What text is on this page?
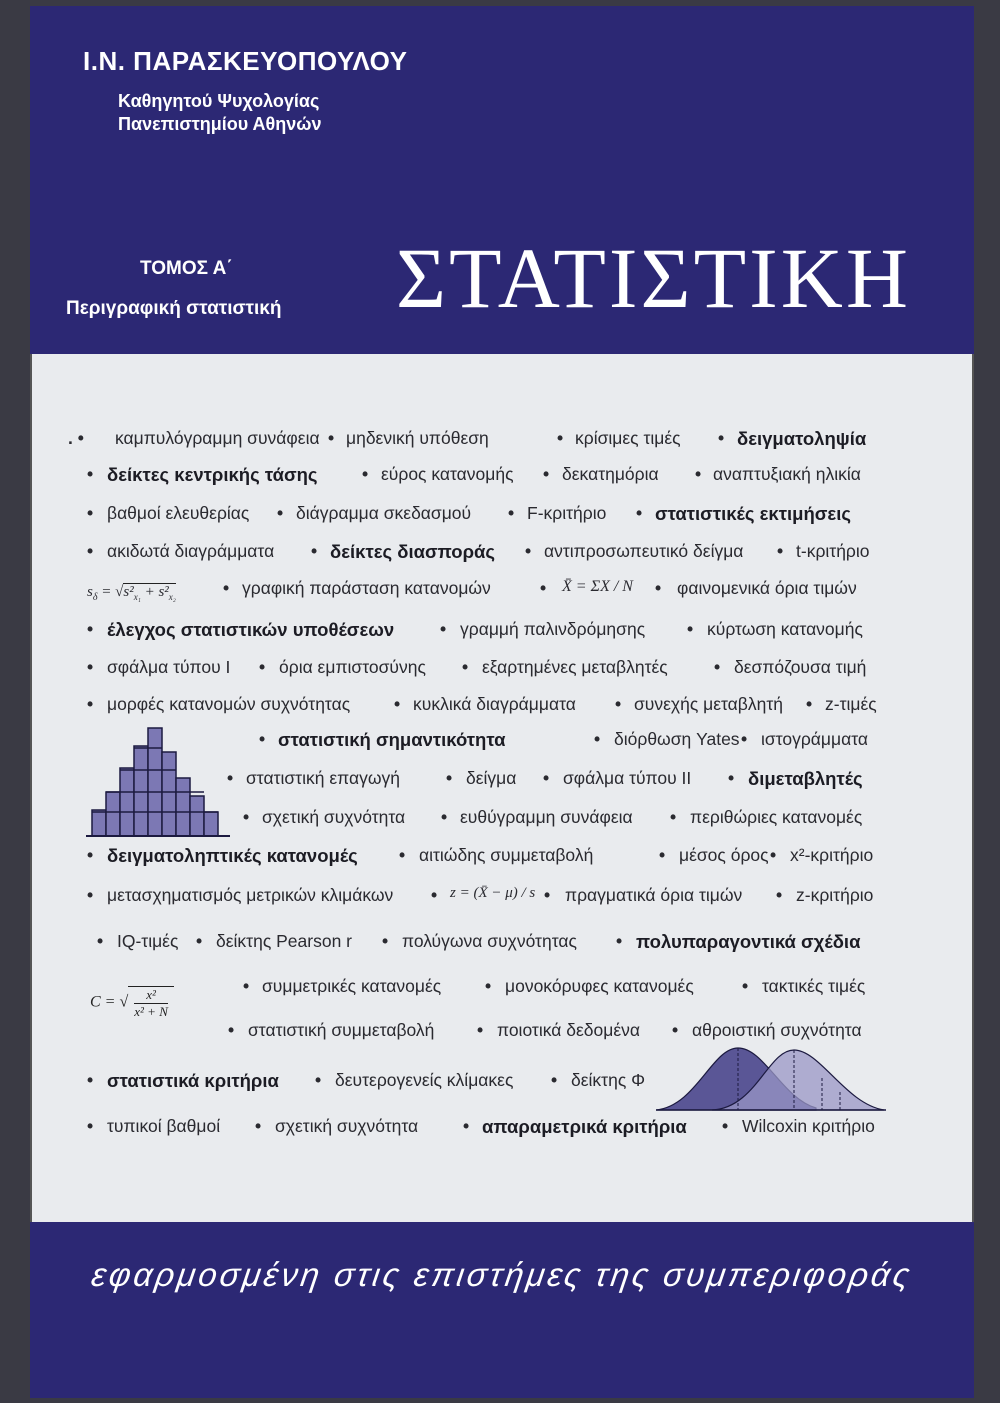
Ι.Ν. ΠΑΡΑΣΚΕΥΟΠΟΥΛΟΥ
Καθηγητού Ψυχολογίας
Πανεπιστημίου Αθηνών
ΤΟΜΟΣ Α΄
Περιγραφική στατιστική ΣΤΑΤΙΣΤΙΚΗ
. • καμπυλόγραμμη συνάφεια • μηδενική υπόθεση	• κρίσιμες τιμές • δειγματοληψία
• δείκτες κεντρικής τάσης	• εύρος κατανομής • δεκατημόρια • αναπτυξιακή ηλικία
• βαθμοί ελευθερίας • διάγραμμα σκεδασμού • F-κριτήριο • στατιστικές εκτιμήσεις
• ακιδωτά διαγράμματα • δείκτες διασποράς • αντιπροσωπευτικό δείγμα • t-κριτήριο
$s_\delta = √s^2_{x_1} + s^2_{x_2}$	• γραφική παράσταση κατανομών	• X̄ = ΣX / N • φαινομενικά όρια τιμών
• έλεγχος στατιστικών υποθέσεων	• γραμμή παλινδρόμησης • κύρτωση κατανομής
• σφάλμα τύπου Ι • όρια εμπιστοσύνης • εξαρτημένες μεταβλητές	• δεσπόζουσα τιμή
• μορφές κατανομών συχνότητας	• κυκλικά διαγράμματα • συνεχής μεταβλητή • z-τιμές
• στατιστική σημαντικότητα	• διόρθωση Yates • ιστογράμματα
• στατιστική επαγωγή	• δείγμα • σφάλμα τύπου ΙΙ • διμεταβλητές
• σχετική συχνότητα • ευθύγραμμη συνάφεια • περιθώριες κατανομές
• δειγματοληπτικές κατανομές • αιτιώδης συμμεταβολή	• μέσος όρος • x²-κριτήριο
• μετασχηματισμός μετρικών κλιμάκων • z = (X̄ − μ) / s • πραγματικά όρια τιμών • z-κριτήριο
• IQ-τιμές • δείκτης Pearson r • πολύγωνα συχνότητας • πολυπαραγοντικά σχέδια
C = √ $\frac{\text{x²}}{\text{x² + N}}$	• συμμετρικές κατανομές	• μονοκόρυφες κατανομές	• τακτικές τιμές
• στατιστική συμμεταβολή • ποιοτικά δεδομένα • αθροιστική συχνότητα
• στατιστικά κριτήρια • δευτερογενείς κλίμακες • δείκτης Φ
• τυπικοί βαθμοί • σχετική συχνότητα	• απαραμετρικά κριτήρια • Wilcoxin κριτήριο
εφαρμοσμένη στις επιστήμες της συμπεριφοράς
